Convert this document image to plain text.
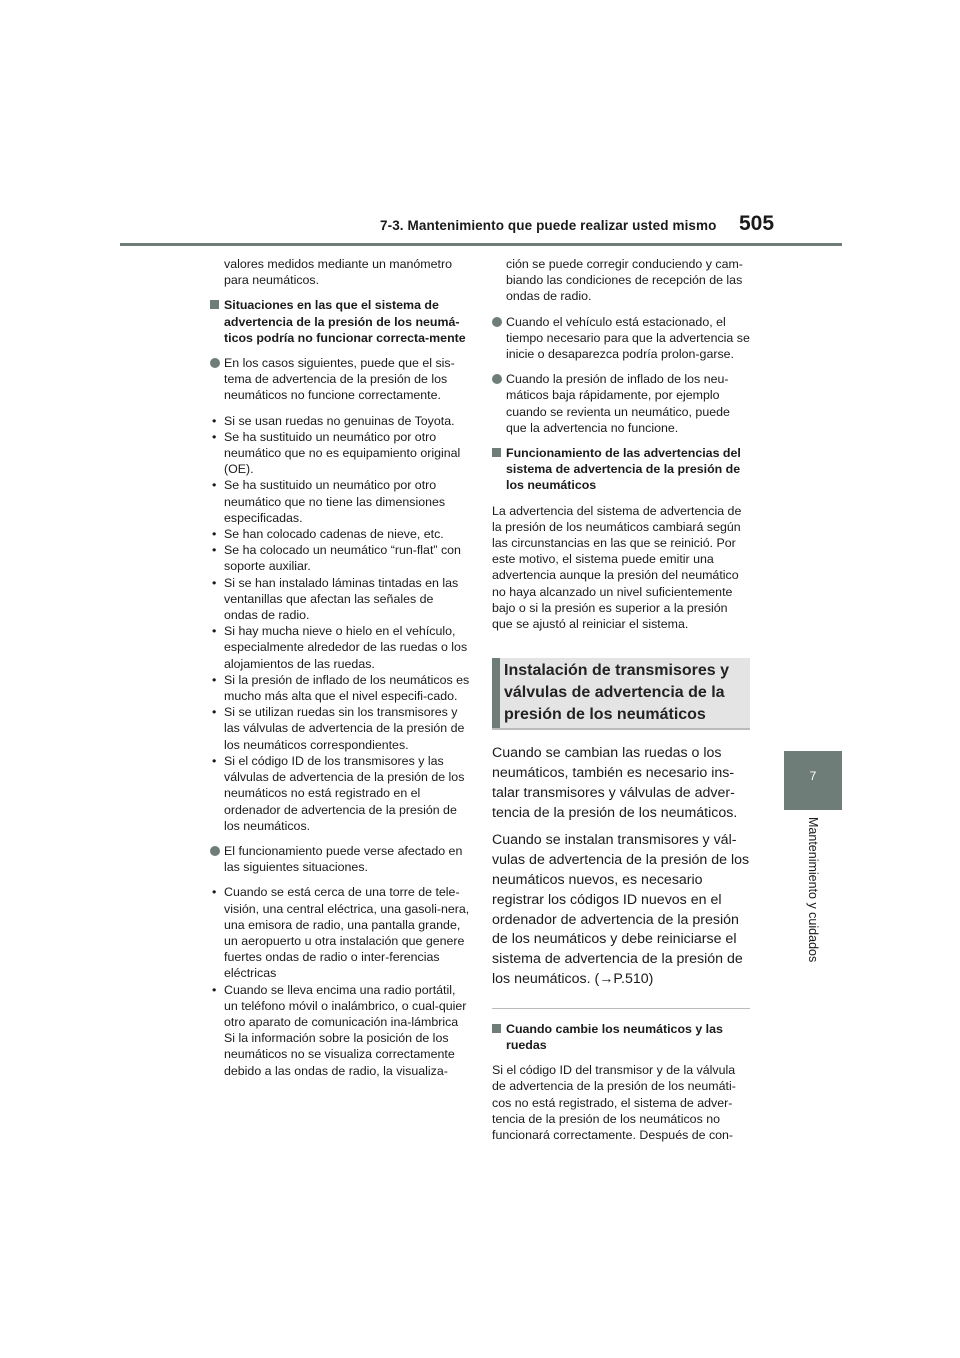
7-3. Mantenimiento que puede realizar usted mismo 505
7
Mantenimiento y cuidados

valores medidos mediante un manómetro para neumáticos.

Situaciones en las que el sistema de advertencia de la presión de los neumá-ticos podría no funcionar correcta-mente
En los casos siguientes, puede que el sis-tema de advertencia de la presión de los neumáticos no funcione correctamente.
• Si se usan ruedas no genuinas de Toyota.
• Se ha sustituido un neumático por otro neumático que no es equipamiento original (OE).
• Se ha sustituido un neumático por otro neumático que no tiene las dimensiones especificadas.
• Se han colocado cadenas de nieve, etc.
• Se ha colocado un neumático “run-flat” con soporte auxiliar.
• Si se han instalado láminas tintadas en las ventanillas que afectan las señales de ondas de radio.
• Si hay mucha nieve o hielo en el vehículo, especialmente alrededor de las ruedas o los alojamientos de las ruedas.
• Si la presión de inflado de los neumáticos es mucho más alta que el nivel especifi-cado.
• Si se utilizan ruedas sin los transmisores y las válvulas de advertencia de la presión de los neumáticos correspondientes.
• Si el código ID de los transmisores y las válvulas de advertencia de la presión de los neumáticos no está registrado en el ordenador de advertencia de la presión de los neumáticos.
El funcionamiento puede verse afectado en las siguientes situaciones.
• Cuando se está cerca de una torre de tele-visión, una central eléctrica, una gasoli-nera, una emisora de radio, una pantalla grande, un aeropuerto u otra instalación que genere fuertes ondas de radio o inter-ferencias eléctricas
• Cuando se lleva encima una radio portátil, un teléfono móvil o inalámbrico, o cual-quier otro aparato de comunicación ina-lámbrica Si la información sobre la posición de los neumáticos no se visualiza correctamente debido a las ondas de radio, la visualiza-

ción se puede corregir conduciendo y cam-biando las condiciones de recepción de las ondas de radio.

Cuando el vehículo está estacionado, el tiempo necesario para que la advertencia se inicie o desaparezca podría prolon-garse.
Cuando la presión de inflado de los neu-máticos baja rápidamente, por ejemplo cuando se revienta un neumático, puede que la advertencia no funcione.
Funcionamiento de las advertencias del sistema de advertencia de la presión de los neumáticos

La advertencia del sistema de advertencia de la presión de los neumáticos cambiará según las circunstancias en las que se reinició. Por este motivo, el sistema puede emitir una advertencia aunque la presión del neumático no haya alcanzado un nivel suficientemente bajo o si la presión es superior a la presión que se ajustó al reiniciar el sistema.

Instalación de transmisores y válvulas de advertencia de la presión de los neumáticos

Cuando se cambian las ruedas o los neumáticos, también es necesario ins-talar transmisores y válvulas de adver-tencia de la presión de los neumáticos.

Cuando se instalan transmisores y vál-vulas de advertencia de la presión de los neumáticos nuevos, es necesario registrar los códigos ID nuevos en el ordenador de advertencia de la presión de los neumáticos y debe reiniciarse el sistema de advertencia de la presión de los neumáticos. (→P.510)

Cuando cambie los neumáticos y las ruedas

Si el código ID del transmisor y de la válvula de advertencia de la presión de los neumáti-cos no está registrado, el sistema de adver-tencia de la presión de los neumáticos no funcionará correctamente. Después de con-
